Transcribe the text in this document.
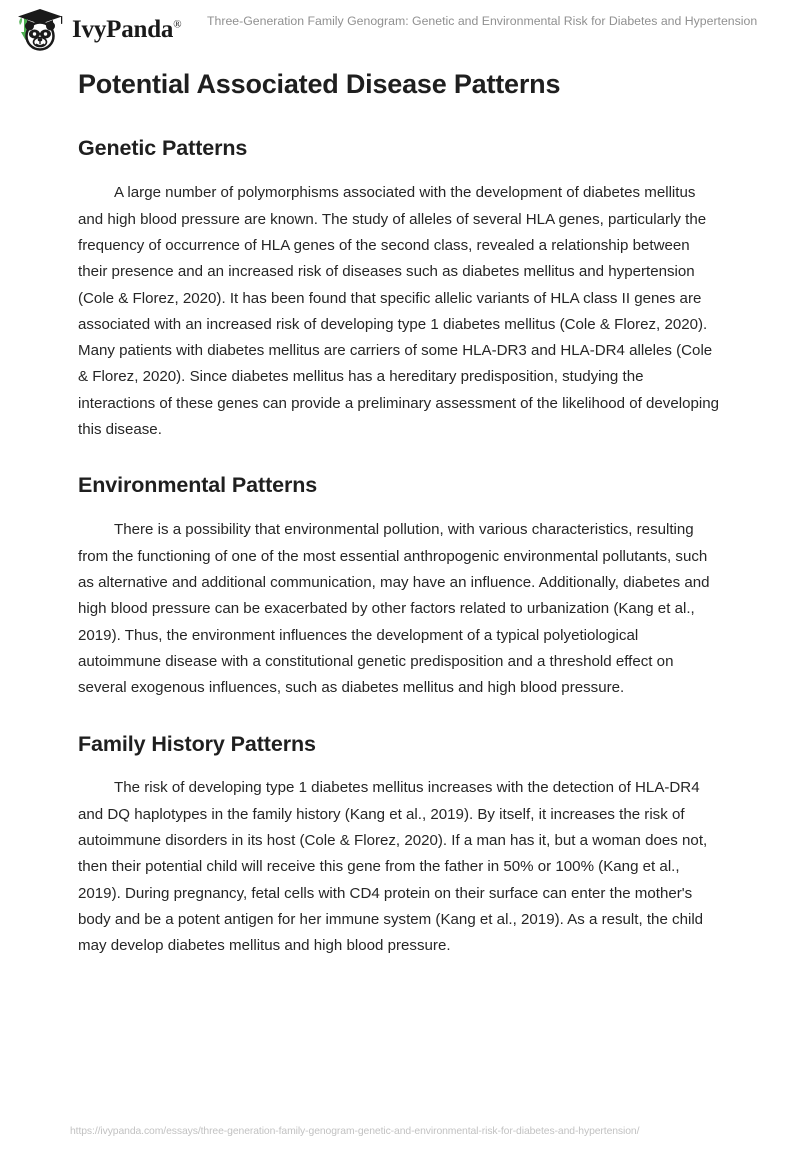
IvyPanda® Three-Generation Family Genogram: Genetic and Environmental Risk for Diabetes and Hypertension
Potential Associated Disease Patterns
Genetic Patterns

A large number of polymorphisms associated with the development of diabetes mellitus and high blood pressure are known. The study of alleles of several HLA genes, particularly the frequency of occurrence of HLA genes of the second class, revealed a relationship between their presence and an increased risk of diseases such as diabetes mellitus and hypertension (Cole & Florez, 2020). It has been found that specific allelic variants of HLA class II genes are associated with an increased risk of developing type 1 diabetes mellitus (Cole & Florez, 2020). Many patients with diabetes mellitus are carriers of some HLA-DR3 and HLA-DR4 alleles (Cole & Florez, 2020). Since diabetes mellitus has a hereditary predisposition, studying the interactions of these genes can provide a preliminary assessment of the likelihood of developing this disease.

Environmental Patterns

There is a possibility that environmental pollution, with various characteristics, resulting from the functioning of one of the most essential anthropogenic environmental pollutants, such as alternative and additional communication, may have an influence. Additionally, diabetes and high blood pressure can be exacerbated by other factors related to urbanization (Kang et al., 2019). Thus, the environment influences the development of a typical polyetiological autoimmune disease with a constitutional genetic predisposition and a threshold effect on several exogenous influences, such as diabetes mellitus and high blood pressure.

Family History Patterns

The risk of developing type 1 diabetes mellitus increases with the detection of HLA-DR4 and DQ haplotypes in the family history (Kang et al., 2019). By itself, it increases the risk of autoimmune disorders in its host (Cole & Florez, 2020). If a man has it, but a woman does not, then their potential child will receive this gene from the father in 50% or 100% (Kang et al., 2019). During pregnancy, fetal cells with CD4 protein on their surface can enter the mother's body and be a potent antigen for her immune system (Kang et al., 2019). As a result, the child may develop diabetes mellitus and high blood pressure.

https://ivypanda.com/essays/three-generation-family-genogram-genetic-and-environmental-risk-for-diabetes-and-hypertension/
